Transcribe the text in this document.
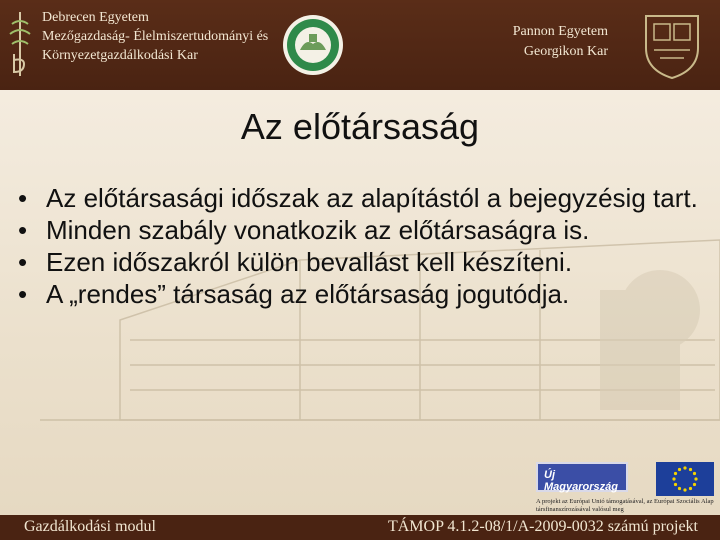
Debrecen Egyetem
Mezőgazdaság- Élelmiszertudományi és
Környezetgazdálkodási Kar
Pannon Egyetem
Georgikon Kar
Az előtársaság
• Az előtársasági időszak az alapítástól a bejegyzésig tart.
• Minden szabály vonatkozik az előtársaságra is.
• Ezen időszakról külön bevallást kell készíteni.
• A „rendes” társaság az előtársaság jogutódja.
Új Magyarország
A projekt az Európai Unió támogatásával, az Európai Szociális Alap társfinanszírozásával valósul meg
Gazdálkodási modul	TÁMOP 4.1.2-08/1/A-2009-0032 számú projekt
